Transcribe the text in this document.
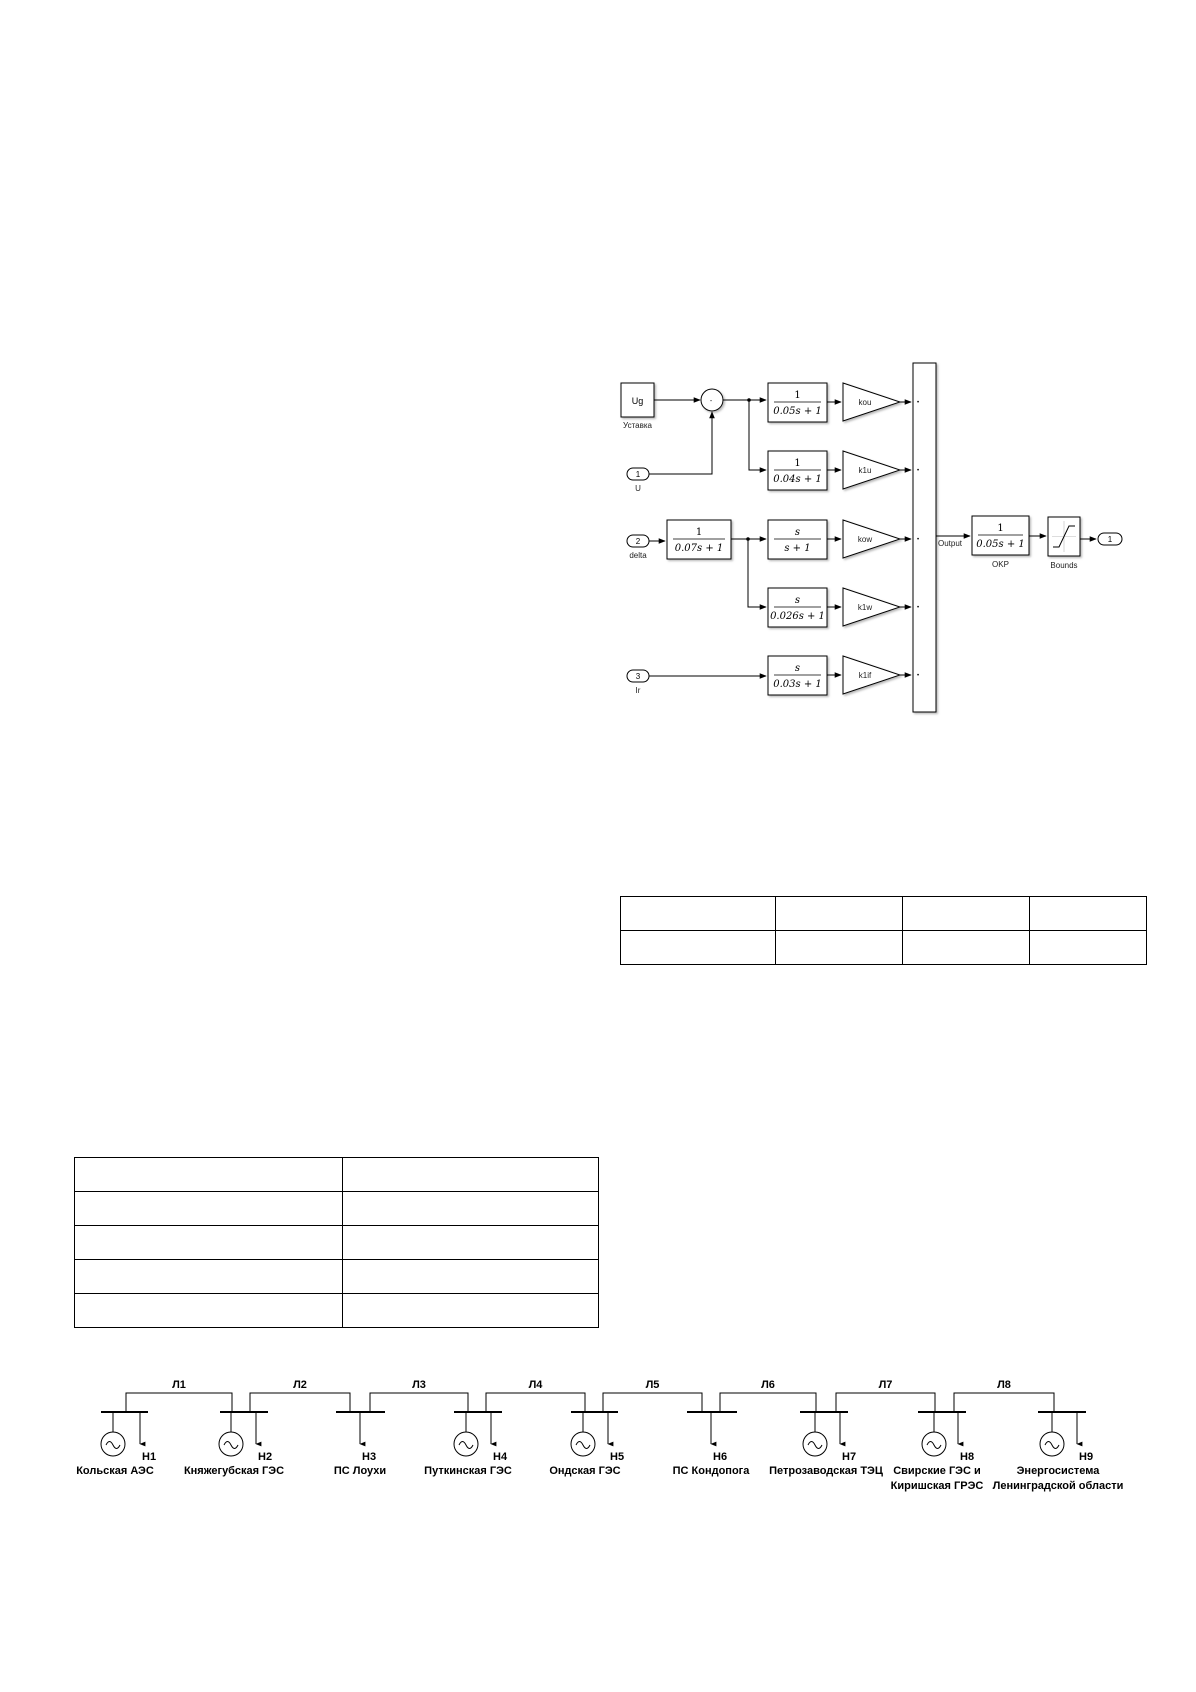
Ug
Уставка
-
1
U
2
delta
3
Ir
1
0.07s + 1
1
0.05s + 1
1
0.04s + 1
s
s + 1
s
0.026s + 1
s
0.03s + 1
kou
k1u
kow
k1w
k1if
•
•
•
•
•
Output
1
0.05s + 1
OKP	Bounds
1

Л1	Л2	Л3	Л4	Л5	Л6	Л7	Л8
Н1
Кольская АЭС
Н2
Княжегубская ГЭС
Н3
ПС Лоухи
Н4
Путкинская ГЭС
Н5
Ондская ГЭС
Н6
ПС Кондопога
Н7
Петрозаводская ТЭЦ
Н8
Свирские ГЭС и
Киришская ГРЭС
Н9
Энергосистема
Ленинградской области
